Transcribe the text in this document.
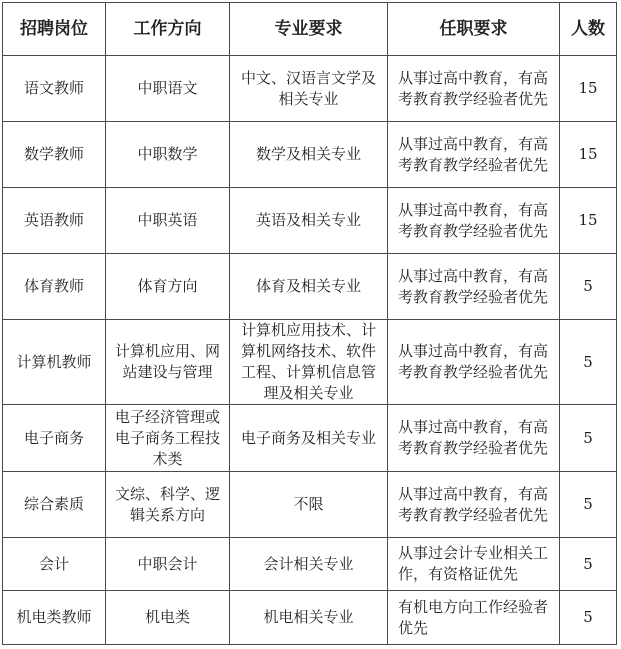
招聘岗位	工作方向	专业要求	任职要求	人数
语文教师	中职语文	中文、汉语言文学及相关专业	从事过高中教育，有高考教育教学经验者优先	15
数学教师	中职数学	数学及相关专业	从事过高中教育，有高考教育教学经验者优先	15
英语教师	中职英语	英语及相关专业	从事过高中教育，有高考教育教学经验者优先	15
体育教师	体育方向	体育及相关专业	从事过高中教育，有高考教育教学经验者优先	5
计算机教师	计算机应用、网站建设与管理	计算机应用技术、计算机网络技术、软件工程、计算机信息管理及相关专业	从事过高中教育，有高考教育教学经验者优先	5
电子商务	电子经济管理或电子商务工程技术类	电子商务及相关专业	从事过高中教育，有高考教育教学经验者优先	5
综合素质	文综、科学、逻辑关系方向	不限	从事过高中教育，有高考教育教学经验者优先	5
会计	中职会计	会计相关专业	从事过会计专业相关工作，有资格证优先	5
机电类教师	机电类	机电相关专业	有机电方向工作经验者优先	5
